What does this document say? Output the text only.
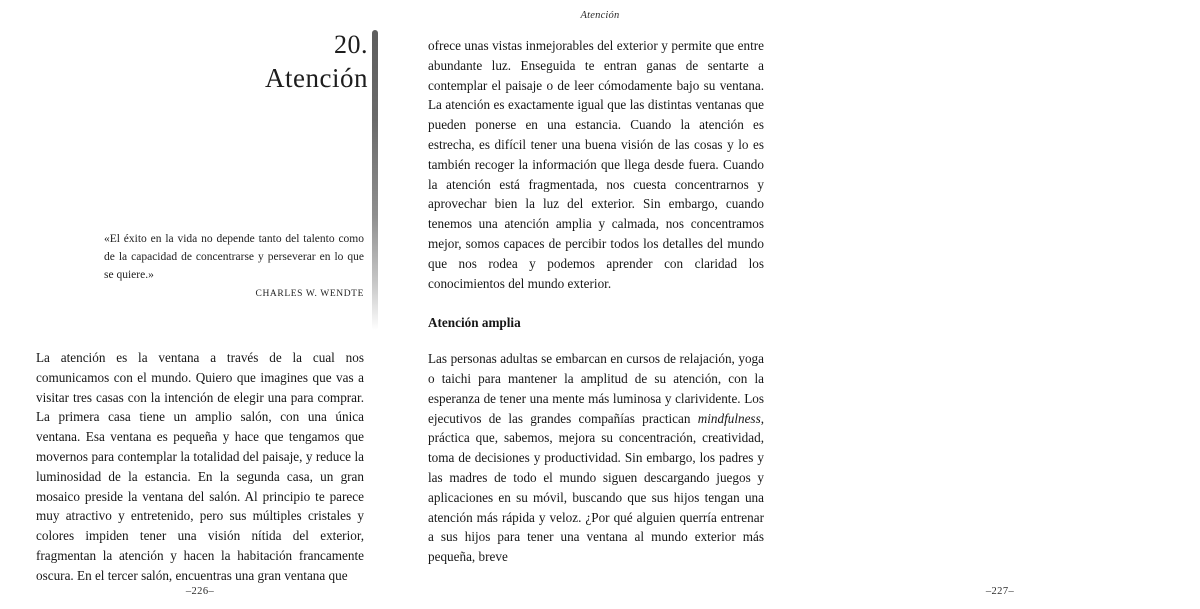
20.
Atención
«El éxito en la vida no depende tanto del talento como de la capacidad de concentrarse y perseverar en lo que se quiere.»
CHARLES W. WENDTE
La atención es la ventana a través de la cual nos comunicamos con el mundo. Quiero que imagines que vas a visitar tres casas con la intención de elegir una para comprar. La primera casa tiene un amplio salón, con una única ventana. Esa ventana es pequeña y hace que tengamos que movernos para contemplar la totalidad del paisaje, y reduce la luminosidad de la estancia. En la segunda casa, un gran mosaico preside la ventana del salón. Al principio te parece muy atractivo y entretenido, pero sus múltiples cristales y colores impiden tener una visión nítida del exterior, fragmentan la atención y hacen la habitación francamente oscura. En el tercer salón, encuentras una gran ventana que
–226–
Atención

ofrece unas vistas inmejorables del exterior y permite que entre abundante luz. Enseguida te entran ganas de sentarte a contemplar el paisaje o de leer cómodamente bajo su ventana. La atención es exactamente igual que las distintas ventanas que pueden ponerse en una estancia. Cuando la atención es estrecha, es difícil tener una buena visión de las cosas y lo es también recoger la información que llega desde fuera. Cuando la atención está fragmentada, nos cuesta concentrarnos y aprovechar bien la luz del exterior. Sin embargo, cuando tenemos una atención amplia y calmada, nos concentramos mejor, somos capaces de percibir todos los detalles del mundo que nos rodea y podemos aprender con claridad los conocimientos del mundo exterior.

Atención amplia

Las personas adultas se embarcan en cursos de relajación, yoga o taichi para mantener la amplitud de su atención, con la esperanza de tener una mente más luminosa y clarividente. Los ejecutivos de las grandes compañías practican mindfulness, práctica que, sabemos, mejora su concentración, creatividad, toma de decisiones y productividad. Sin embargo, los padres y las madres de todo el mundo siguen descargando juegos y aplicaciones en su móvil, buscando que sus hijos tengan una atención más rápida y veloz. ¿Por qué alguien querría entrenar a sus hijos para tener una ventana al mundo exterior más pequeña, breve

–227–
